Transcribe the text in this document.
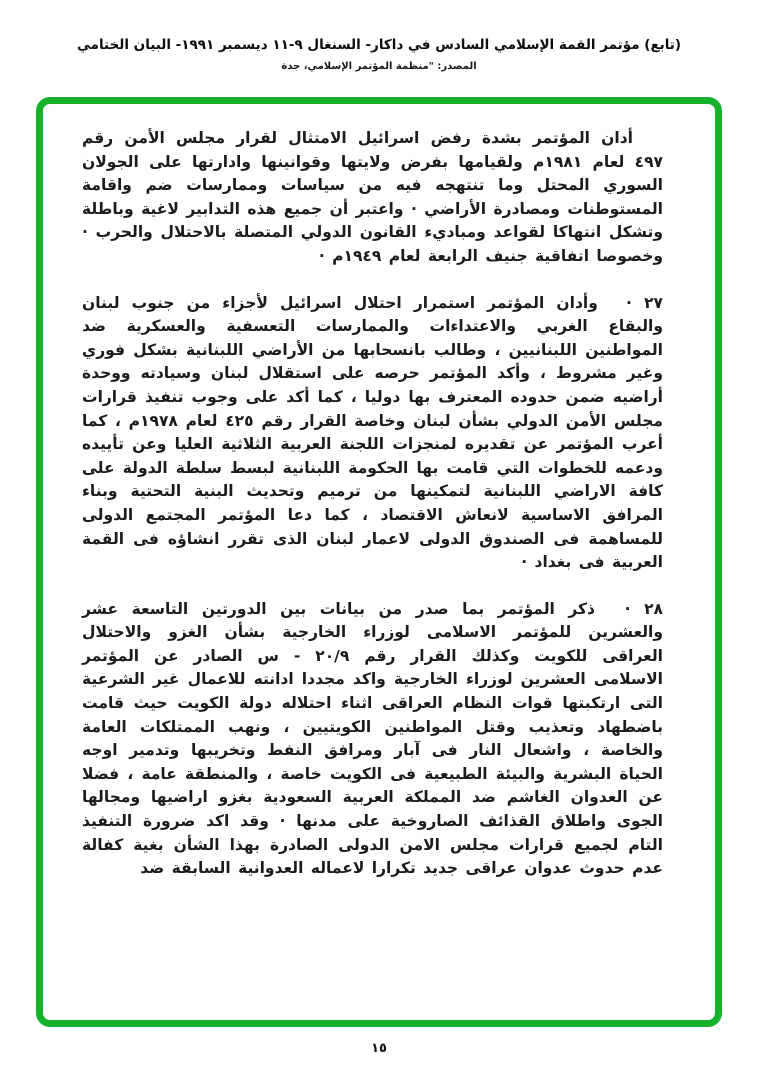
(تابع) مؤتمر القمة الإسلامي السادس في داكار- السنغال ٩-١١ ديسمبر ١٩٩١- البيان الختامي
المصدر: "منظمة المؤتمر الإسلامي، جدة

أدان المؤتمر بشدة رفض اسرائيل الامتثال لقرار مجلس الأمن رقم ٤٩٧ لعام ١٩٨١م ولقيامها بفرض ولايتها وقوانينها وادارتها على الجولان السوري المحتل وما تنتهجه فيه من سياسات وممارسات ضم واقامة المستوطنات ومصادرة الأراضي · واعتبر أن جميع هذه التدابير لاغية وباطلة وتشكل انتهاكا لقواعد ومباديء القانون الدولي المتصلة بالاحتلال والحرب · وخصوصا اتفاقية جنيف الرابعة لعام ١٩٤٩م ·

٢٧ · وأدان المؤتمر استمرار احتلال اسرائيل لأجزاء من جنوب لبنان والبقاع الغربي والاعتداءات والممارسات التعسفية والعسكرية ضد المواطنين اللبنانيين ، وطالب بانسحابها من الأراضي اللبنانية بشكل فوري وغير مشروط ، وأكد المؤتمر حرصه على استقلال لبنان وسيادته ووحدة أراضيه ضمن حدوده المعترف بها دوليا ، كما أكد على وجوب تنفيذ قرارات مجلس الأمن الدولي بشأن لبنان وخاصة القرار رقم ٤٢٥ لعام ١٩٧٨م ، كما أعرب المؤتمر عن تقديره لمنجزات اللجنة العربية الثلاثية العليا وعن تأييده ودعمه للخطوات التي قامت بها الحكومة اللبنانية لبسط سلطة الدولة على كافة الاراضي اللبنانية لتمكينها من ترميم وتحديث البنية التحتية وبناء المرافق الاساسية لانعاش الاقتصاد ، كما دعا المؤتمر المجتمع الدولى للمساهمة فى الصندوق الدولى لاعمار لبنان الذى تقرر انشاؤه فى القمة العربية فى بغداد ·

٢٨ · ذكر المؤتمر بما صدر من بيانات بين الدورتين التاسعة عشر والعشرين للمؤتمر الاسلامى لوزراء الخارجية بشأن الغزو والاحتلال العراقى للكويت وكذلك القرار رقم ٢٠/٩ - س الصادر عن المؤتمر الاسلامى العشرين لوزراء الخارجية واكد مجددا ادانته للاعمال غير الشرعية التى ارتكبتها قوات النظام العراقى اثناء احتلاله دولة الكويت حيث قامت باضطهاد وتعذيب وقتل المواطنين الكويتيين ، ونهب الممتلكات العامة والخاصة ، واشعال النار فى آبار ومرافق النفط وتخريبها وتدمير اوجه الحياة البشرية والبيئة الطبيعية فى الكويت خاصة ، والمنطقة عامة ، فضلا عن العدوان الغاشم ضد المملكة العربية السعودية بغزو اراضيها ومجالها الجوى واطلاق القذائف الصاروخية على مدنها · وقد اكد ضرورة التنفيذ التام لجميع قرارات مجلس الامن الدولى الصادرة بهذا الشأن بغية كفالة عدم حدوث عدوان عراقى جديد تكرارا لاعماله العدوانية السابقة ضد

١٥
